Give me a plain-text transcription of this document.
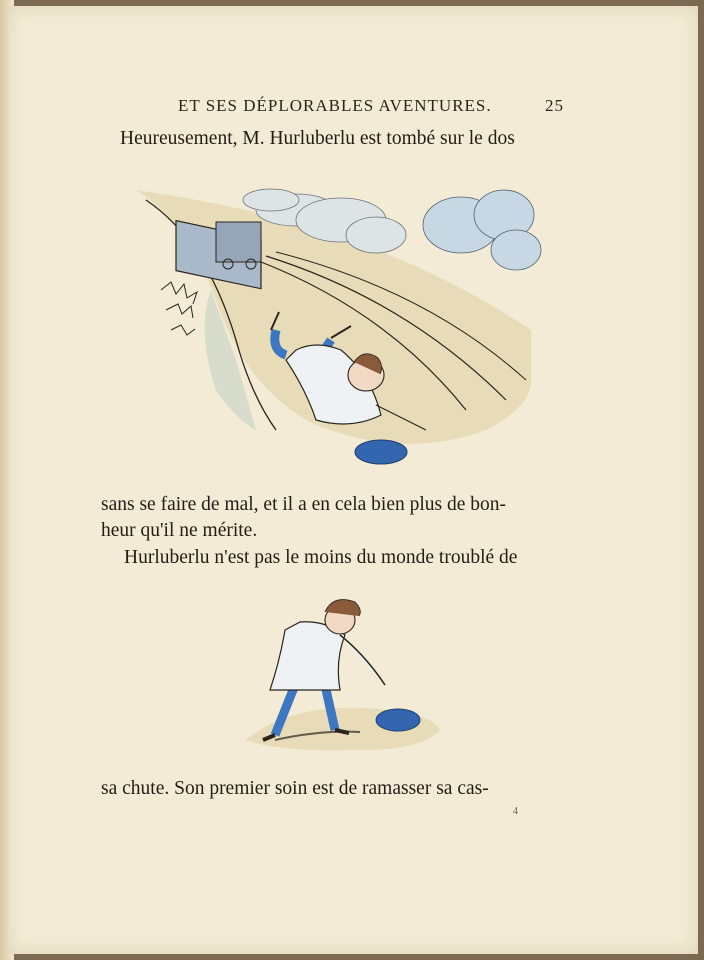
ET SES DÉPLORABLES AVENTURES.	25
Heureusement, M. Hurluberlu est tombé sur le dos
sans se faire de mal, et il a en cela bien plus de bon-
heur qu'il ne mérite.
Hurluberlu n'est pas le moins du monde troublé de
sa chute. Son premier soin est de ramasser sa cas-
4
